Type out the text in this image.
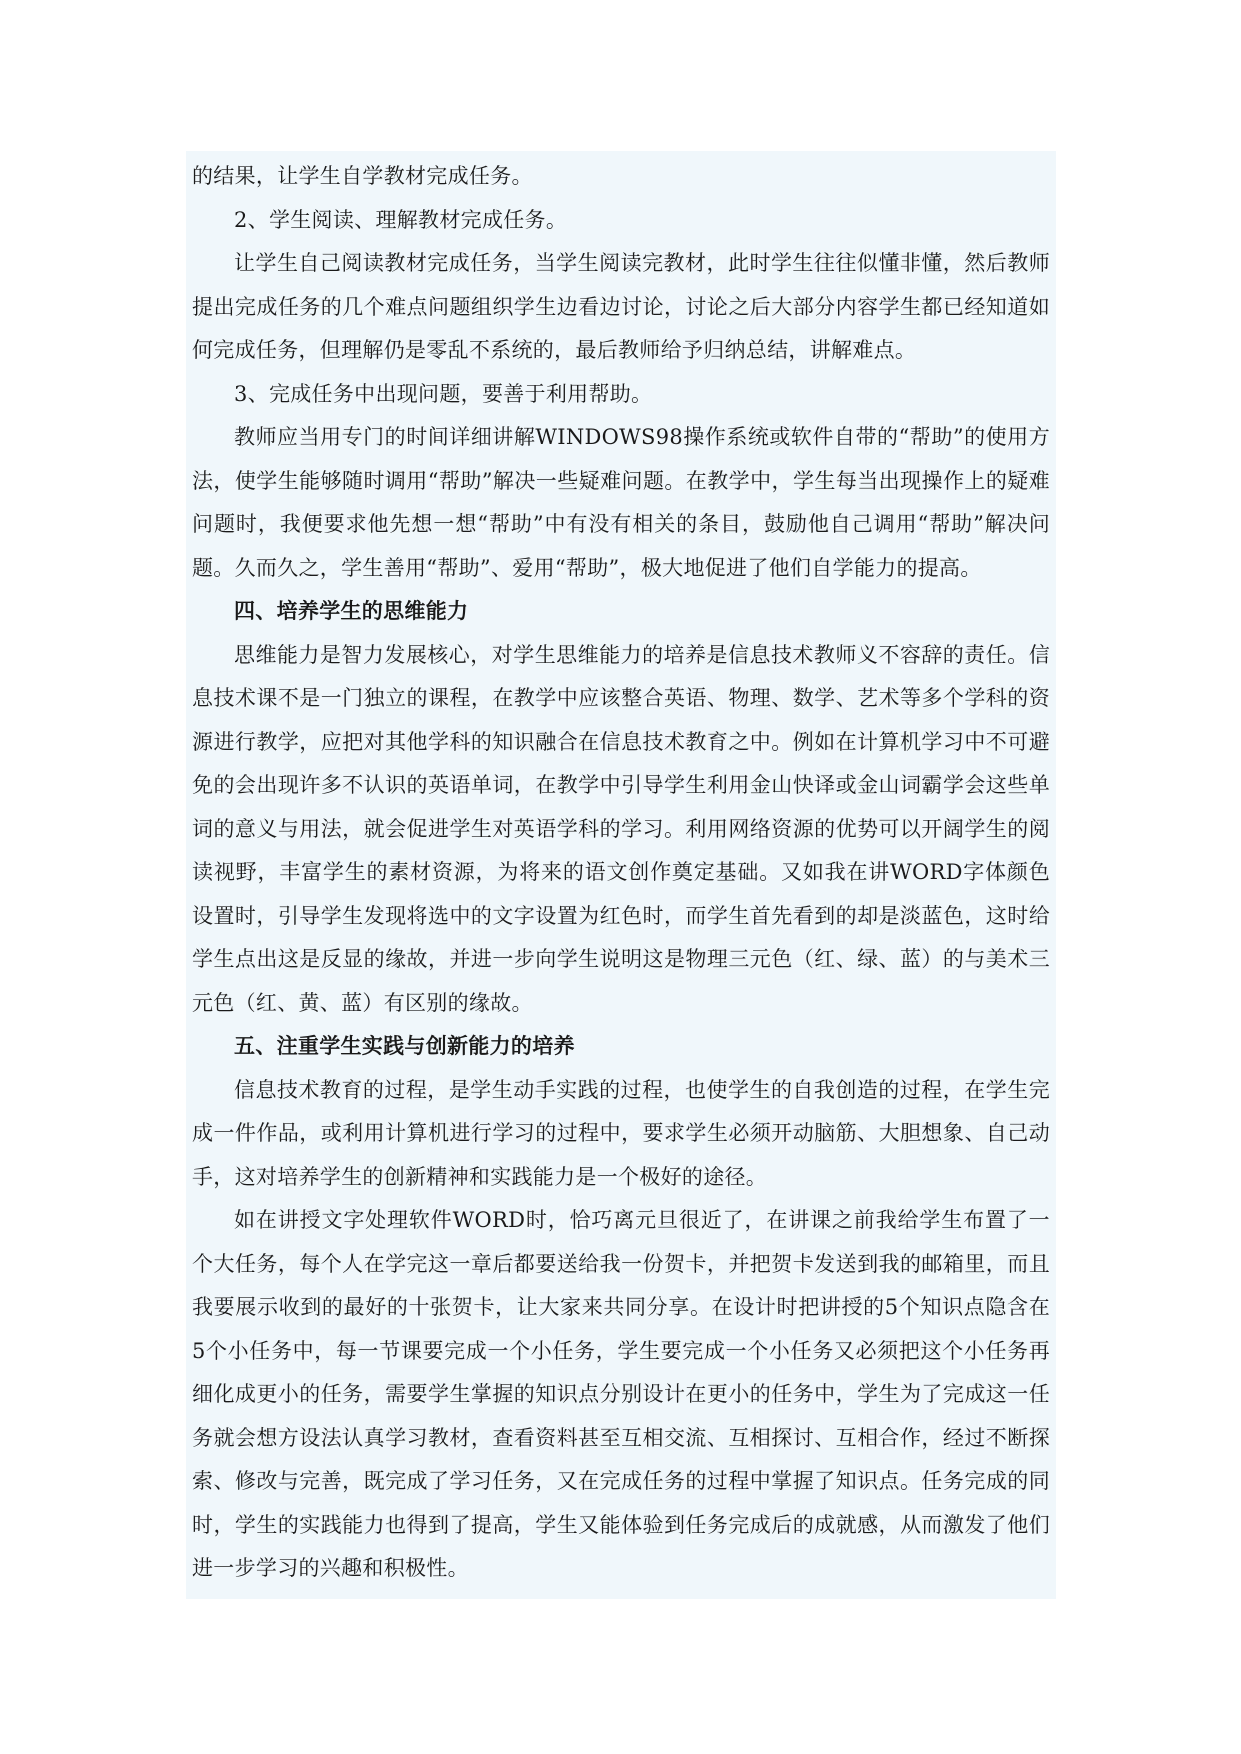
的结果，让学生自学教材完成任务。

2、学生阅读、理解教材完成任务。

让学生自己阅读教材完成任务，当学生阅读完教材，此时学生往往似懂非懂，然后教师提出完成任务的几个难点问题组织学生边看边讨论，讨论之后大部分内容学生都已经知道如何完成任务，但理解仍是零乱不系统的，最后教师给予归纳总结，讲解难点。

3、完成任务中出现问题，要善于利用帮助。

教师应当用专门的时间详细讲解WINDOWS98操作系统或软件自带的“帮助”的使用方法，使学生能够随时调用“帮助”解决一些疑难问题。在教学中，学生每当出现操作上的疑难问题时，我便要求他先想一想“帮助”中有没有相关的条目，鼓励他自己调用“帮助”解决问题。久而久之，学生善用“帮助”、爱用“帮助”，极大地促进了他们自学能力的提高。

四、培养学生的思维能力

思维能力是智力发展核心，对学生思维能力的培养是信息技术教师义不容辞的责任。信息技术课不是一门独立的课程，在教学中应该整合英语、物理、数学、艺术等多个学科的资源进行教学，应把对其他学科的知识融合在信息技术教育之中。例如在计算机学习中不可避免的会出现许多不认识的英语单词，在教学中引导学生利用金山快译或金山词霸学会这些单词的意义与用法，就会促进学生对英语学科的学习。利用网络资源的优势可以开阔学生的阅读视野，丰富学生的素材资源，为将来的语文创作奠定基础。又如我在讲WORD字体颜色设置时，引导学生发现将选中的文字设置为红色时，而学生首先看到的却是淡蓝色，这时给学生点出这是反显的缘故，并进一步向学生说明这是物理三元色（红、绿、蓝）的与美术三元色（红、黄、蓝）有区别的缘故。

五、注重学生实践与创新能力的培养

信息技术教育的过程，是学生动手实践的过程，也使学生的自我创造的过程，在学生完成一件作品，或利用计算机进行学习的过程中，要求学生必须开动脑筋、大胆想象、自己动手，这对培养学生的创新精神和实践能力是一个极好的途径。

如在讲授文字处理软件WORD时，恰巧离元旦很近了，在讲课之前我给学生布置了一个大任务，每个人在学完这一章后都要送给我一份贺卡，并把贺卡发送到我的邮箱里，而且我要展示收到的最好的十张贺卡，让大家来共同分享。在设计时把讲授的5个知识点隐含在5个小任务中，每一节课要完成一个小任务，学生要完成一个小任务又必须把这个小任务再细化成更小的任务，需要学生掌握的知识点分别设计在更小的任务中，学生为了完成这一任务就会想方设法认真学习教材，查看资料甚至互相交流、互相探讨、互相合作，经过不断探索、修改与完善，既完成了学习任务，又在完成任务的过程中掌握了知识点。任务完成的同时，学生的实践能力也得到了提高，学生又能体验到任务完成后的成就感，从而激发了他们进一步学习的兴趣和积极性。
